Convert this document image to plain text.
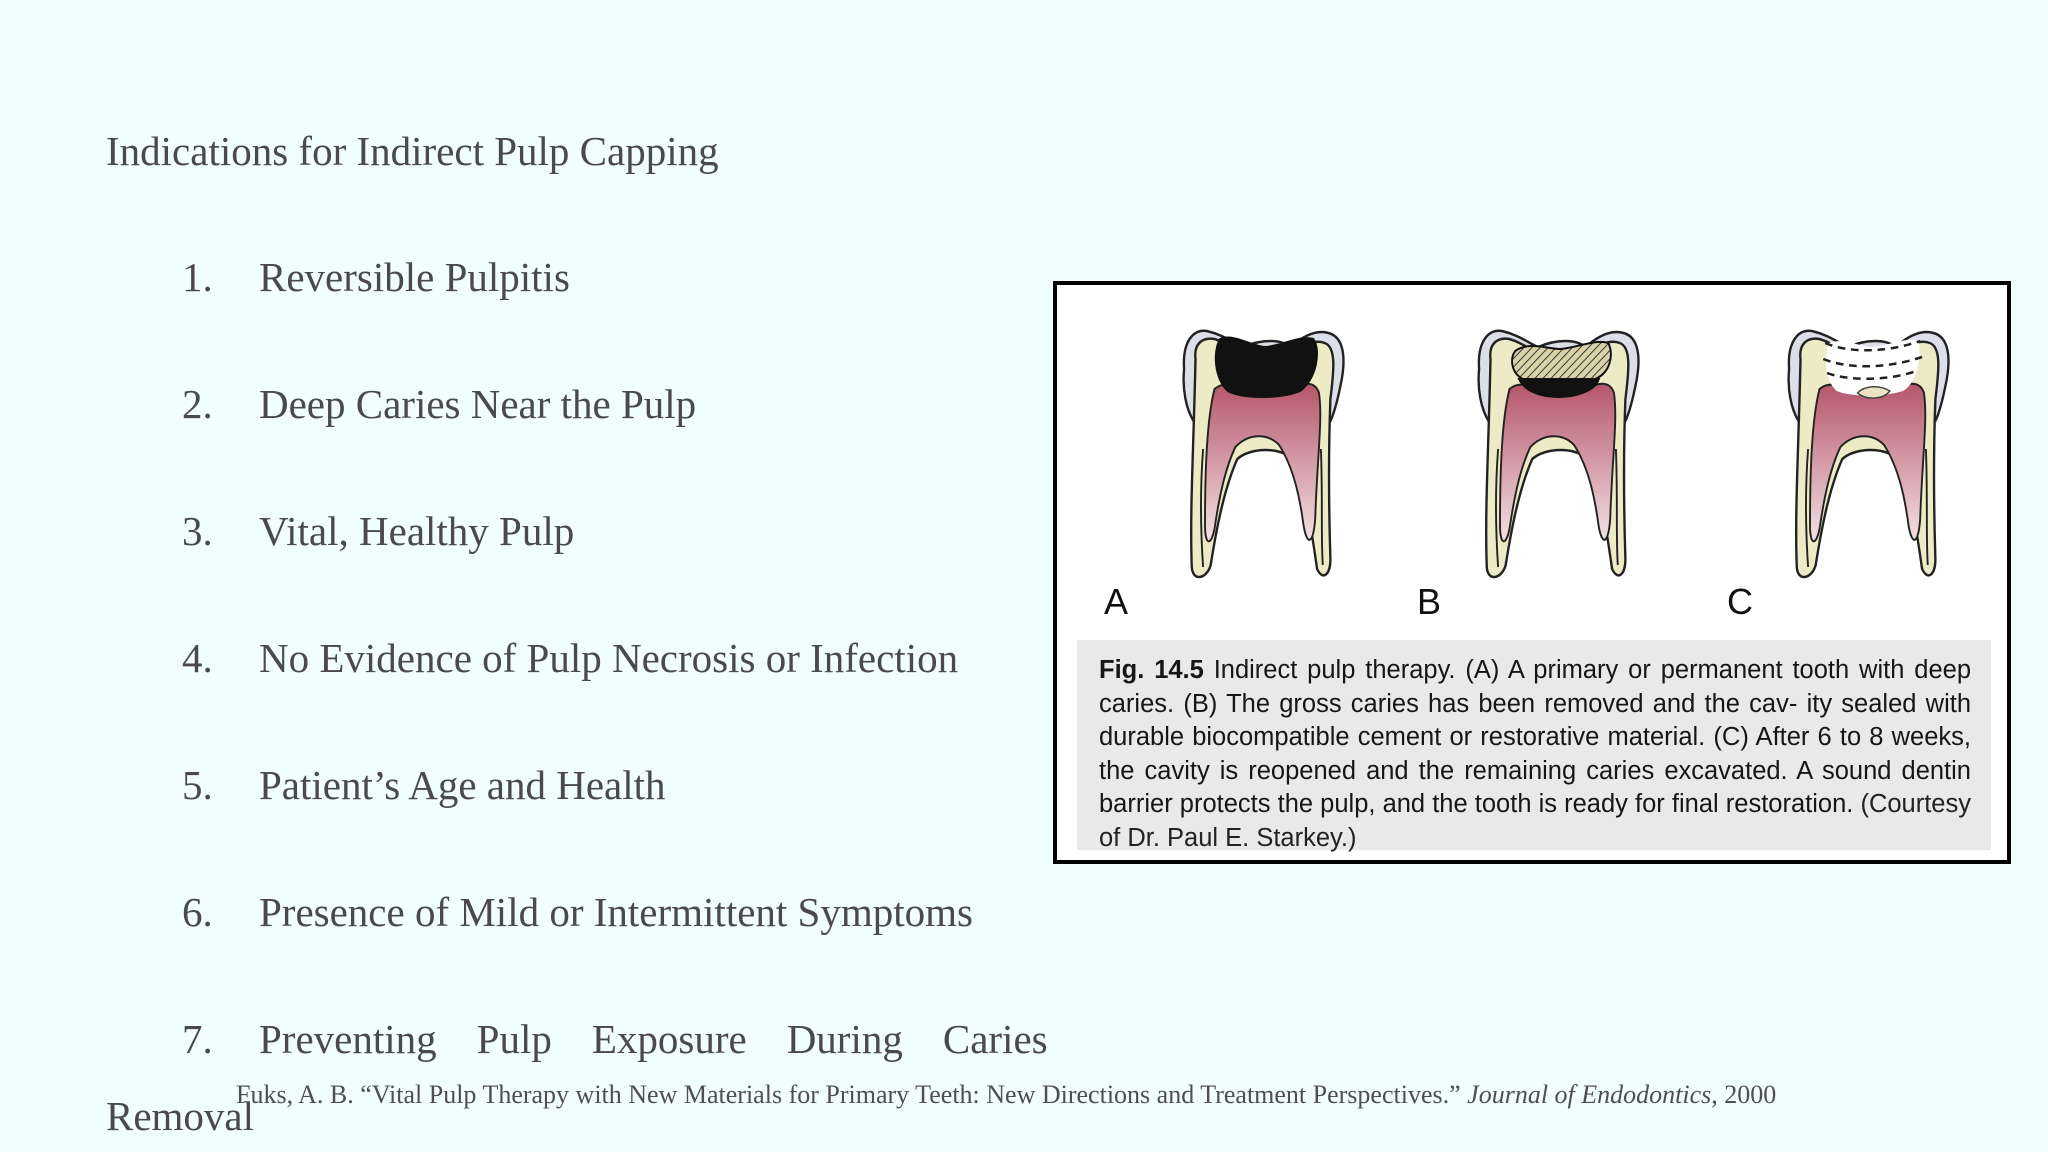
Indications for Indirect Pulp Capping
1. Reversible Pulpitis
2. Deep Caries Near the Pulp
3. Vital, Healthy Pulp
4. No Evidence of Pulp Necrosis or Infection
5. Patient’s Age and Health
6. Presence of Mild or Intermittent Symptoms
7. Preventing Pulp Exposure During Caries
Removal
Fuks, A. B. “Vital Pulp Therapy with New Materials for Primary Teeth: New Directions and Treatment Perspectives.” Journal of Endodontics, 2000
A	B	C
Fig. 14.5 Indirect pulp therapy. (A) A primary or permanent tooth with deep caries. (B) The gross caries has been removed and the cav- ity sealed with durable biocompatible cement or restorative material. (C) After 6 to 8 weeks, the cavity is reopened and the remaining caries excavated. A sound dentin barrier protects the pulp, and the tooth is ready for final restoration. (Courtesy of Dr. Paul E. Starkey.)
